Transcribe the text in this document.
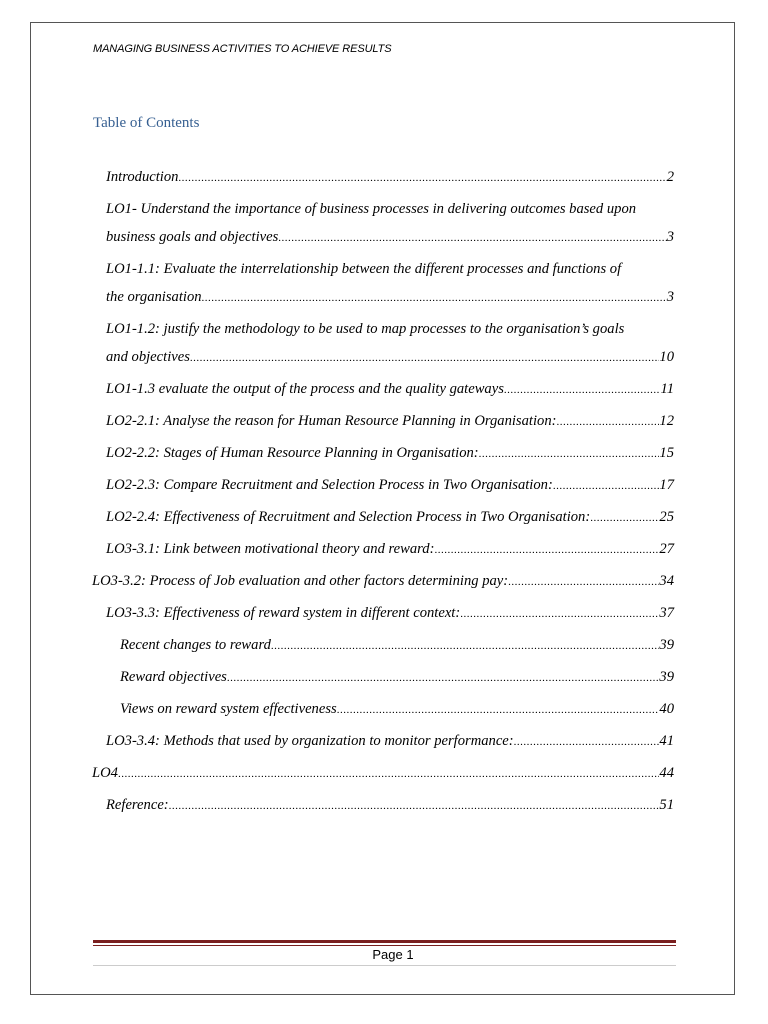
MANAGING BUSINESS ACTIVITIES TO ACHIEVE RESULTS
Table of Contents
Introduction .....	2
LO1- Understand the importance of business processes in delivering outcomes based upon
business goals and objectives .....	3
LO1-1.1: Evaluate the interrelationship between the different processes and functions of
the organisation .....	3
LO1-1.2: justify the methodology to be used to map processes to the organisation’s goals
and objectives .....	10
LO1-1.3 evaluate the output of the process and the quality gateways .....	11
LO2-2.1: Analyse the reason for Human Resource Planning in Organisation: .....	12
LO2-2.2: Stages of Human Resource Planning in Organisation: .....	15
LO2-2.3: Compare Recruitment and Selection Process in Two Organisation: .....	17
LO2-2.4: Effectiveness of Recruitment and Selection Process in Two Organisation: .....	25
LO3-3.1: Link between motivational theory and reward: .....	27
LO3-3.2: Process of Job evaluation and other factors determining pay: .....	34
LO3-3.3: Effectiveness of reward system in different context: .....	37
Recent changes to reward .....	39
Reward objectives .....	39
Views on reward system effectiveness .....	40
LO3-3.4: Methods that used by organization to monitor performance: .....	41
LO4 .....	44
Reference: .....	51
Page 1
